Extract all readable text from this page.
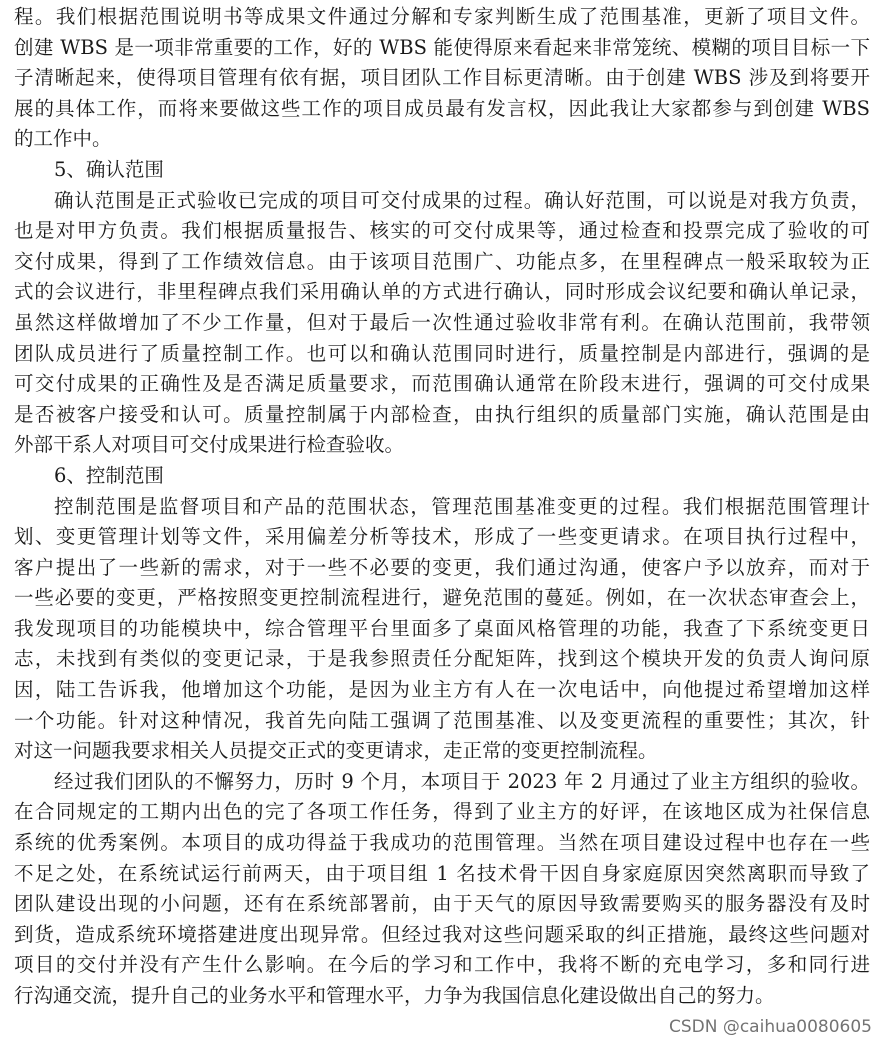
程。我们根据范围说明书等成果文件通过分解和专家判断生成了范围基准，更新了项目文件。
创建 WBS 是一项非常重要的工作，好的 WBS 能使得原来看起来非常笼统、模糊的项目目标一下
子清晰起来，使得项目管理有依有据，项目团队工作目标更清晰。由于创建 WBS 涉及到将要开
展的具体工作，而将来要做这些工作的项目成员最有发言权，因此我让大家都参与到创建 WBS
的工作中。
5、确认范围
确认范围是正式验收已完成的项目可交付成果的过程。确认好范围，可以说是对我方负责，
也是对甲方负责。我们根据质量报告、核实的可交付成果等，通过检查和投票完成了验收的可
交付成果，得到了工作绩效信息。由于该项目范围广、功能点多，在里程碑点一般采取较为正
式的会议进行，非里程碑点我们采用确认单的方式进行确认，同时形成会议纪要和确认单记录，
虽然这样做增加了不少工作量，但对于最后一次性通过验收非常有利。在确认范围前，我带领
团队成员进行了质量控制工作。也可以和确认范围同时进行，质量控制是内部进行，强调的是
可交付成果的正确性及是否满足质量要求，而范围确认通常在阶段末进行，强调的可交付成果
是否被客户接受和认可。质量控制属于内部检查，由执行组织的质量部门实施，确认范围是由
外部干系人对项目可交付成果进行检查验收。
6、控制范围
控制范围是监督项目和产品的范围状态，管理范围基准变更的过程。我们根据范围管理计
划、变更管理计划等文件，采用偏差分析等技术，形成了一些变更请求。在项目执行过程中，
客户提出了一些新的需求，对于一些不必要的变更，我们通过沟通，使客户予以放弃，而对于
一些必要的变更，严格按照变更控制流程进行，避免范围的蔓延。例如，在一次状态审查会上，
我发现项目的功能模块中，综合管理平台里面多了桌面风格管理的功能，我查了下系统变更日
志，未找到有类似的变更记录，于是我参照责任分配矩阵，找到这个模块开发的负责人询问原
因，陆工告诉我，他增加这个功能，是因为业主方有人在一次电话中，向他提过希望增加这样
一个功能。针对这种情况，我首先向陆工强调了范围基准、以及变更流程的重要性；其次，针
对这一问题我要求相关人员提交正式的变更请求，走正常的变更控制流程。
经过我们团队的不懈努力，历时 9 个月，本项目于 2023 年 2 月通过了业主方组织的验收。
在合同规定的工期内出色的完了各项工作任务，得到了业主方的好评，在该地区成为社保信息
系统的优秀案例。本项目的成功得益于我成功的范围管理。当然在项目建设过程中也存在一些
不足之处，在系统试运行前两天，由于项目组 1 名技术骨干因自身家庭原因突然离职而导致了
团队建设出现的小问题，还有在系统部署前，由于天气的原因导致需要购买的服务器没有及时
到货，造成系统环境搭建进度出现异常。但经过我对这些问题采取的纠正措施，最终这些问题对
项目的交付并没有产生什么影响。在今后的学习和工作中，我将不断的充电学习，多和同行进
行沟通交流，提升自己的业务水平和管理水平，力争为我国信息化建设做出自己的努力。
CSDN @caihua0080605
